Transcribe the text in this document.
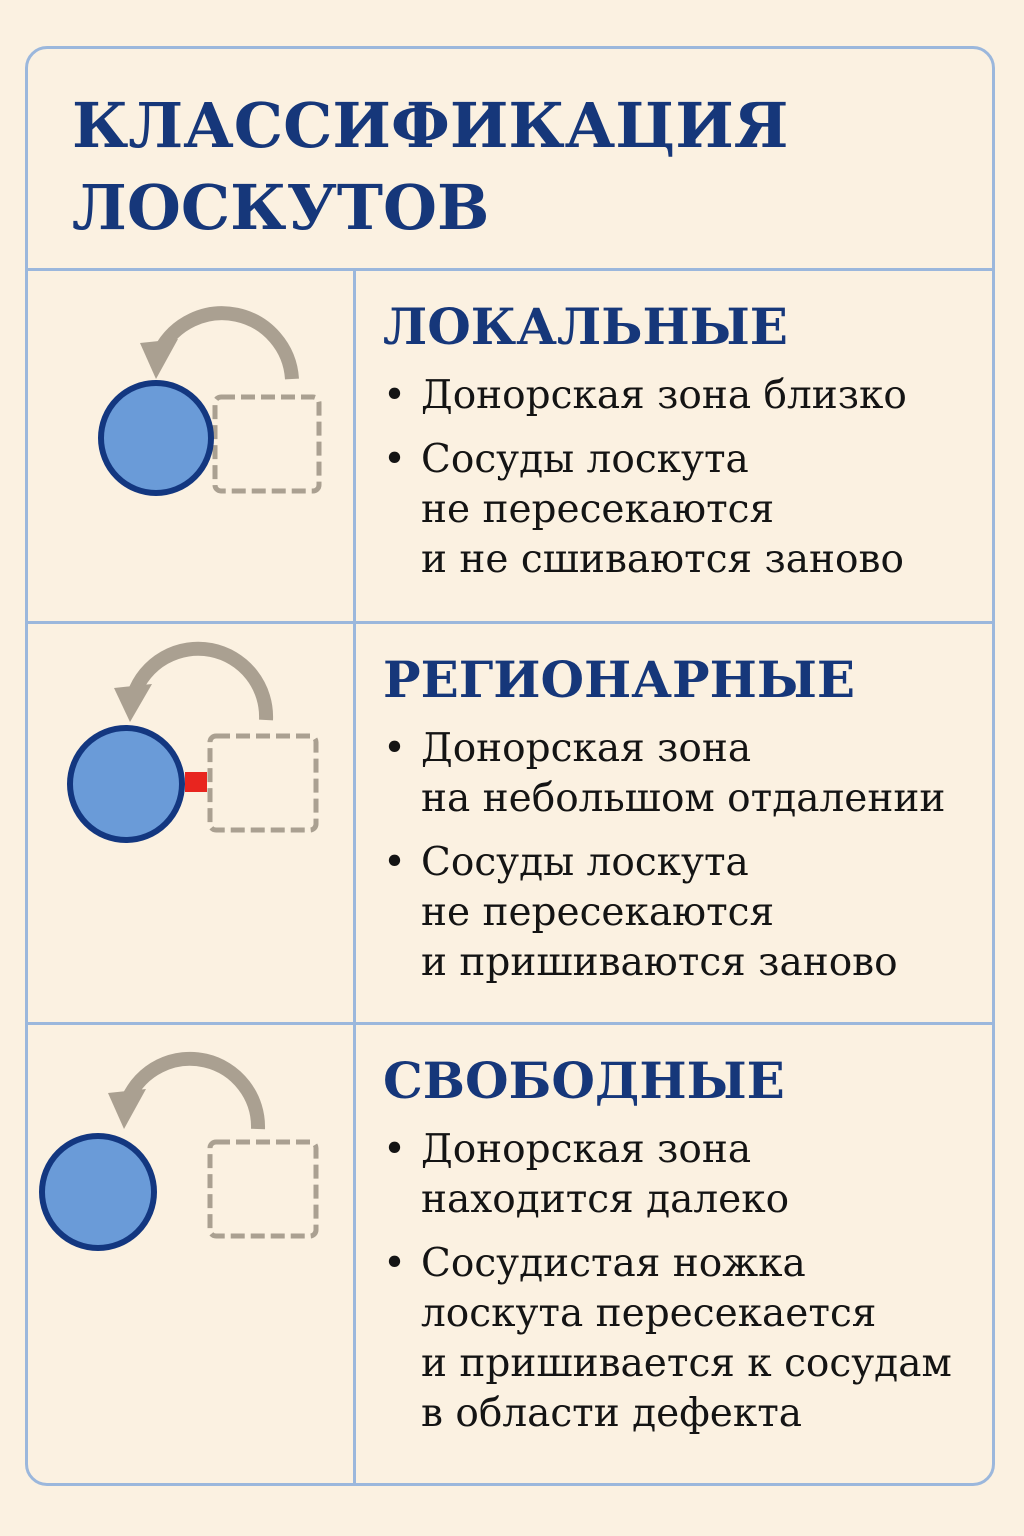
КЛАССИФИКАЦИЯ
ЛОСКУТОВ
ЛОКАЛЬНЫЕ
• Донорская зона близко
• Сосуды лоскута
не пересекаются
и не сшиваются заново
РЕГИОНАРНЫЕ
• Донорская зона
на небольшом отдалении
• Сосуды лоскута
не пересекаются
и пришиваются заново
СВОБОДНЫЕ
• Донорская зона
находится далеко
• Сосудистая ножка
лоскута пересекается
и пришивается к сосудам
в области дефекта
